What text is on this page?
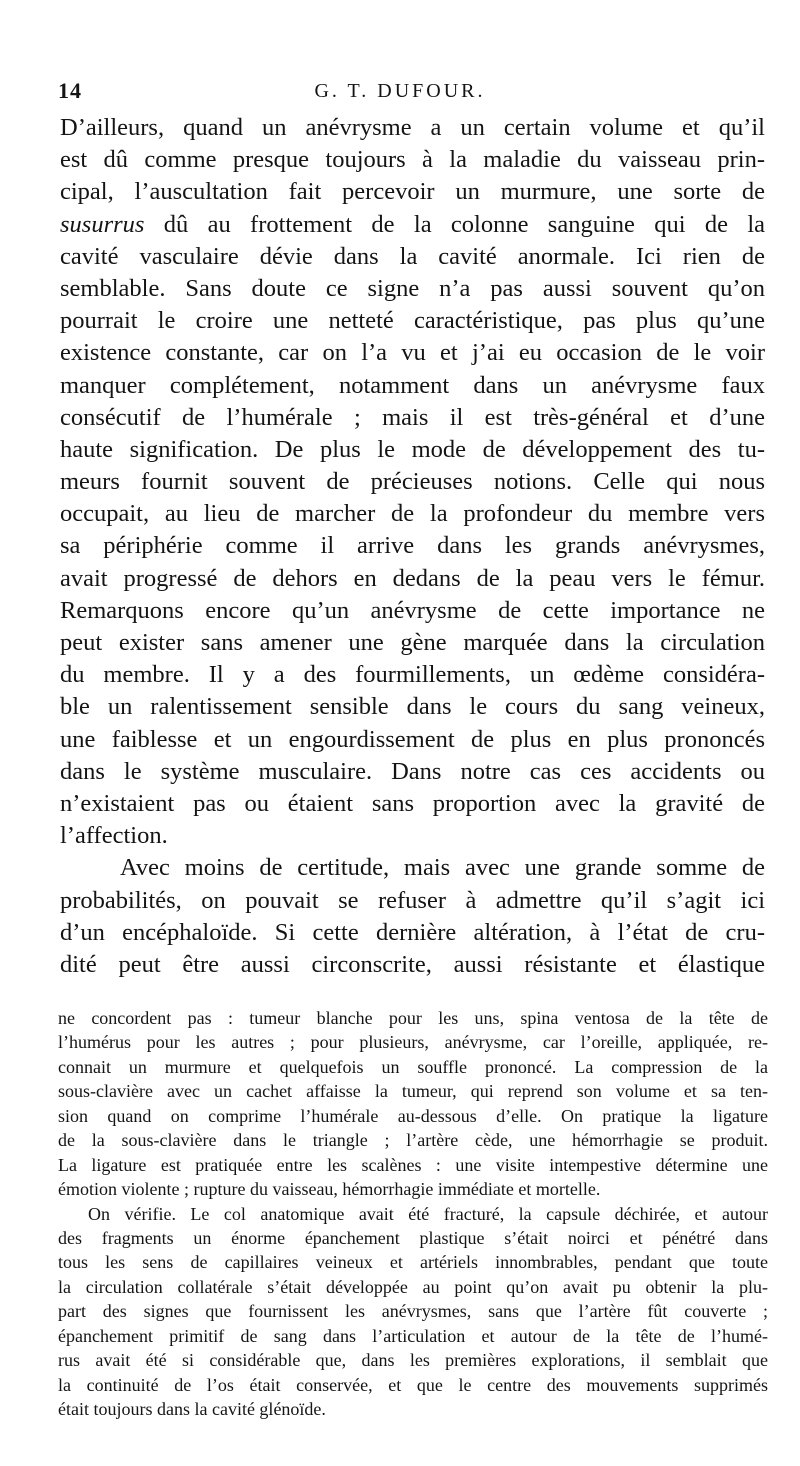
14	G. T. DUFOUR.
D’ailleurs, quand un anévrysme a un certain volume et qu’il
est dû comme presque toujours à la maladie du vaisseau prin-
cipal, l’auscultation fait percevoir un murmure, une sorte de
susurrus dû au frottement de la colonne sanguine qui de la
cavité vasculaire dévie dans la cavité anormale. Ici rien de
semblable. Sans doute ce signe n’a pas aussi souvent qu’on
pourrait le croire une netteté caractéristique, pas plus qu’une
existence constante, car on l’a vu et j’ai eu occasion de le voir
manquer complétement, notamment dans un anévrysme faux
consécutif de l’humérale ; mais il est très-général et d’une
haute signification. De plus le mode de développement des tu-
meurs fournit souvent de précieuses notions. Celle qui nous
occupait, au lieu de marcher de la profondeur du membre vers
sa périphérie comme il arrive dans les grands anévrysmes,
avait progressé de dehors en dedans de la peau vers le fémur.
Remarquons encore qu’un anévrysme de cette importance ne
peut exister sans amener une gène marquée dans la circulation
du membre. Il y a des fourmillements, un œdème considéra-
ble un ralentissement sensible dans le cours du sang veineux,
une faiblesse et un engourdissement de plus en plus prononcés
dans le système musculaire. Dans notre cas ces accidents ou
n’existaient pas ou étaient sans proportion avec la gravité de
l’affection.
Avec moins de certitude, mais avec une grande somme de
probabilités, on pouvait se refuser à admettre qu’il s’agit ici
d’un encéphaloïde. Si cette dernière altération, à l’état de cru-
dité peut être aussi circonscrite, aussi résistante et élastique
ne concordent pas : tumeur blanche pour les uns, spina ventosa de la tête de
l’humérus pour les autres ; pour plusieurs, anévrysme, car l’oreille, appliquée, re-
connait un murmure et quelquefois un souffle prononcé. La compression de la
sous-clavière avec un cachet affaisse la tumeur, qui reprend son volume et sa ten-
sion quand on comprime l’humérale au-dessous d’elle. On pratique la ligature
de la sous-clavière dans le triangle ; l’artère cède, une hémorrhagie se produit.
La ligature est pratiquée entre les scalènes : une visite intempestive détermine une
émotion violente ; rupture du vaisseau, hémorrhagie immédiate et mortelle.
On vérifie. Le col anatomique avait été fracturé, la capsule déchirée, et autour
des fragments un énorme épanchement plastique s’était noirci et pénétré dans
tous les sens de capillaires veineux et artériels innombrables, pendant que toute
la circulation collatérale s’était développée au point qu’on avait pu obtenir la plu-
part des signes que fournissent les anévrysmes, sans que l’artère fût couverte ;
épanchement primitif de sang dans l’articulation et autour de la tête de l’humé-
rus avait été si considérable que, dans les premières explorations, il semblait que
la continuité de l’os était conservée, et que le centre des mouvements supprimés
était toujours dans la cavité glénoïde.
